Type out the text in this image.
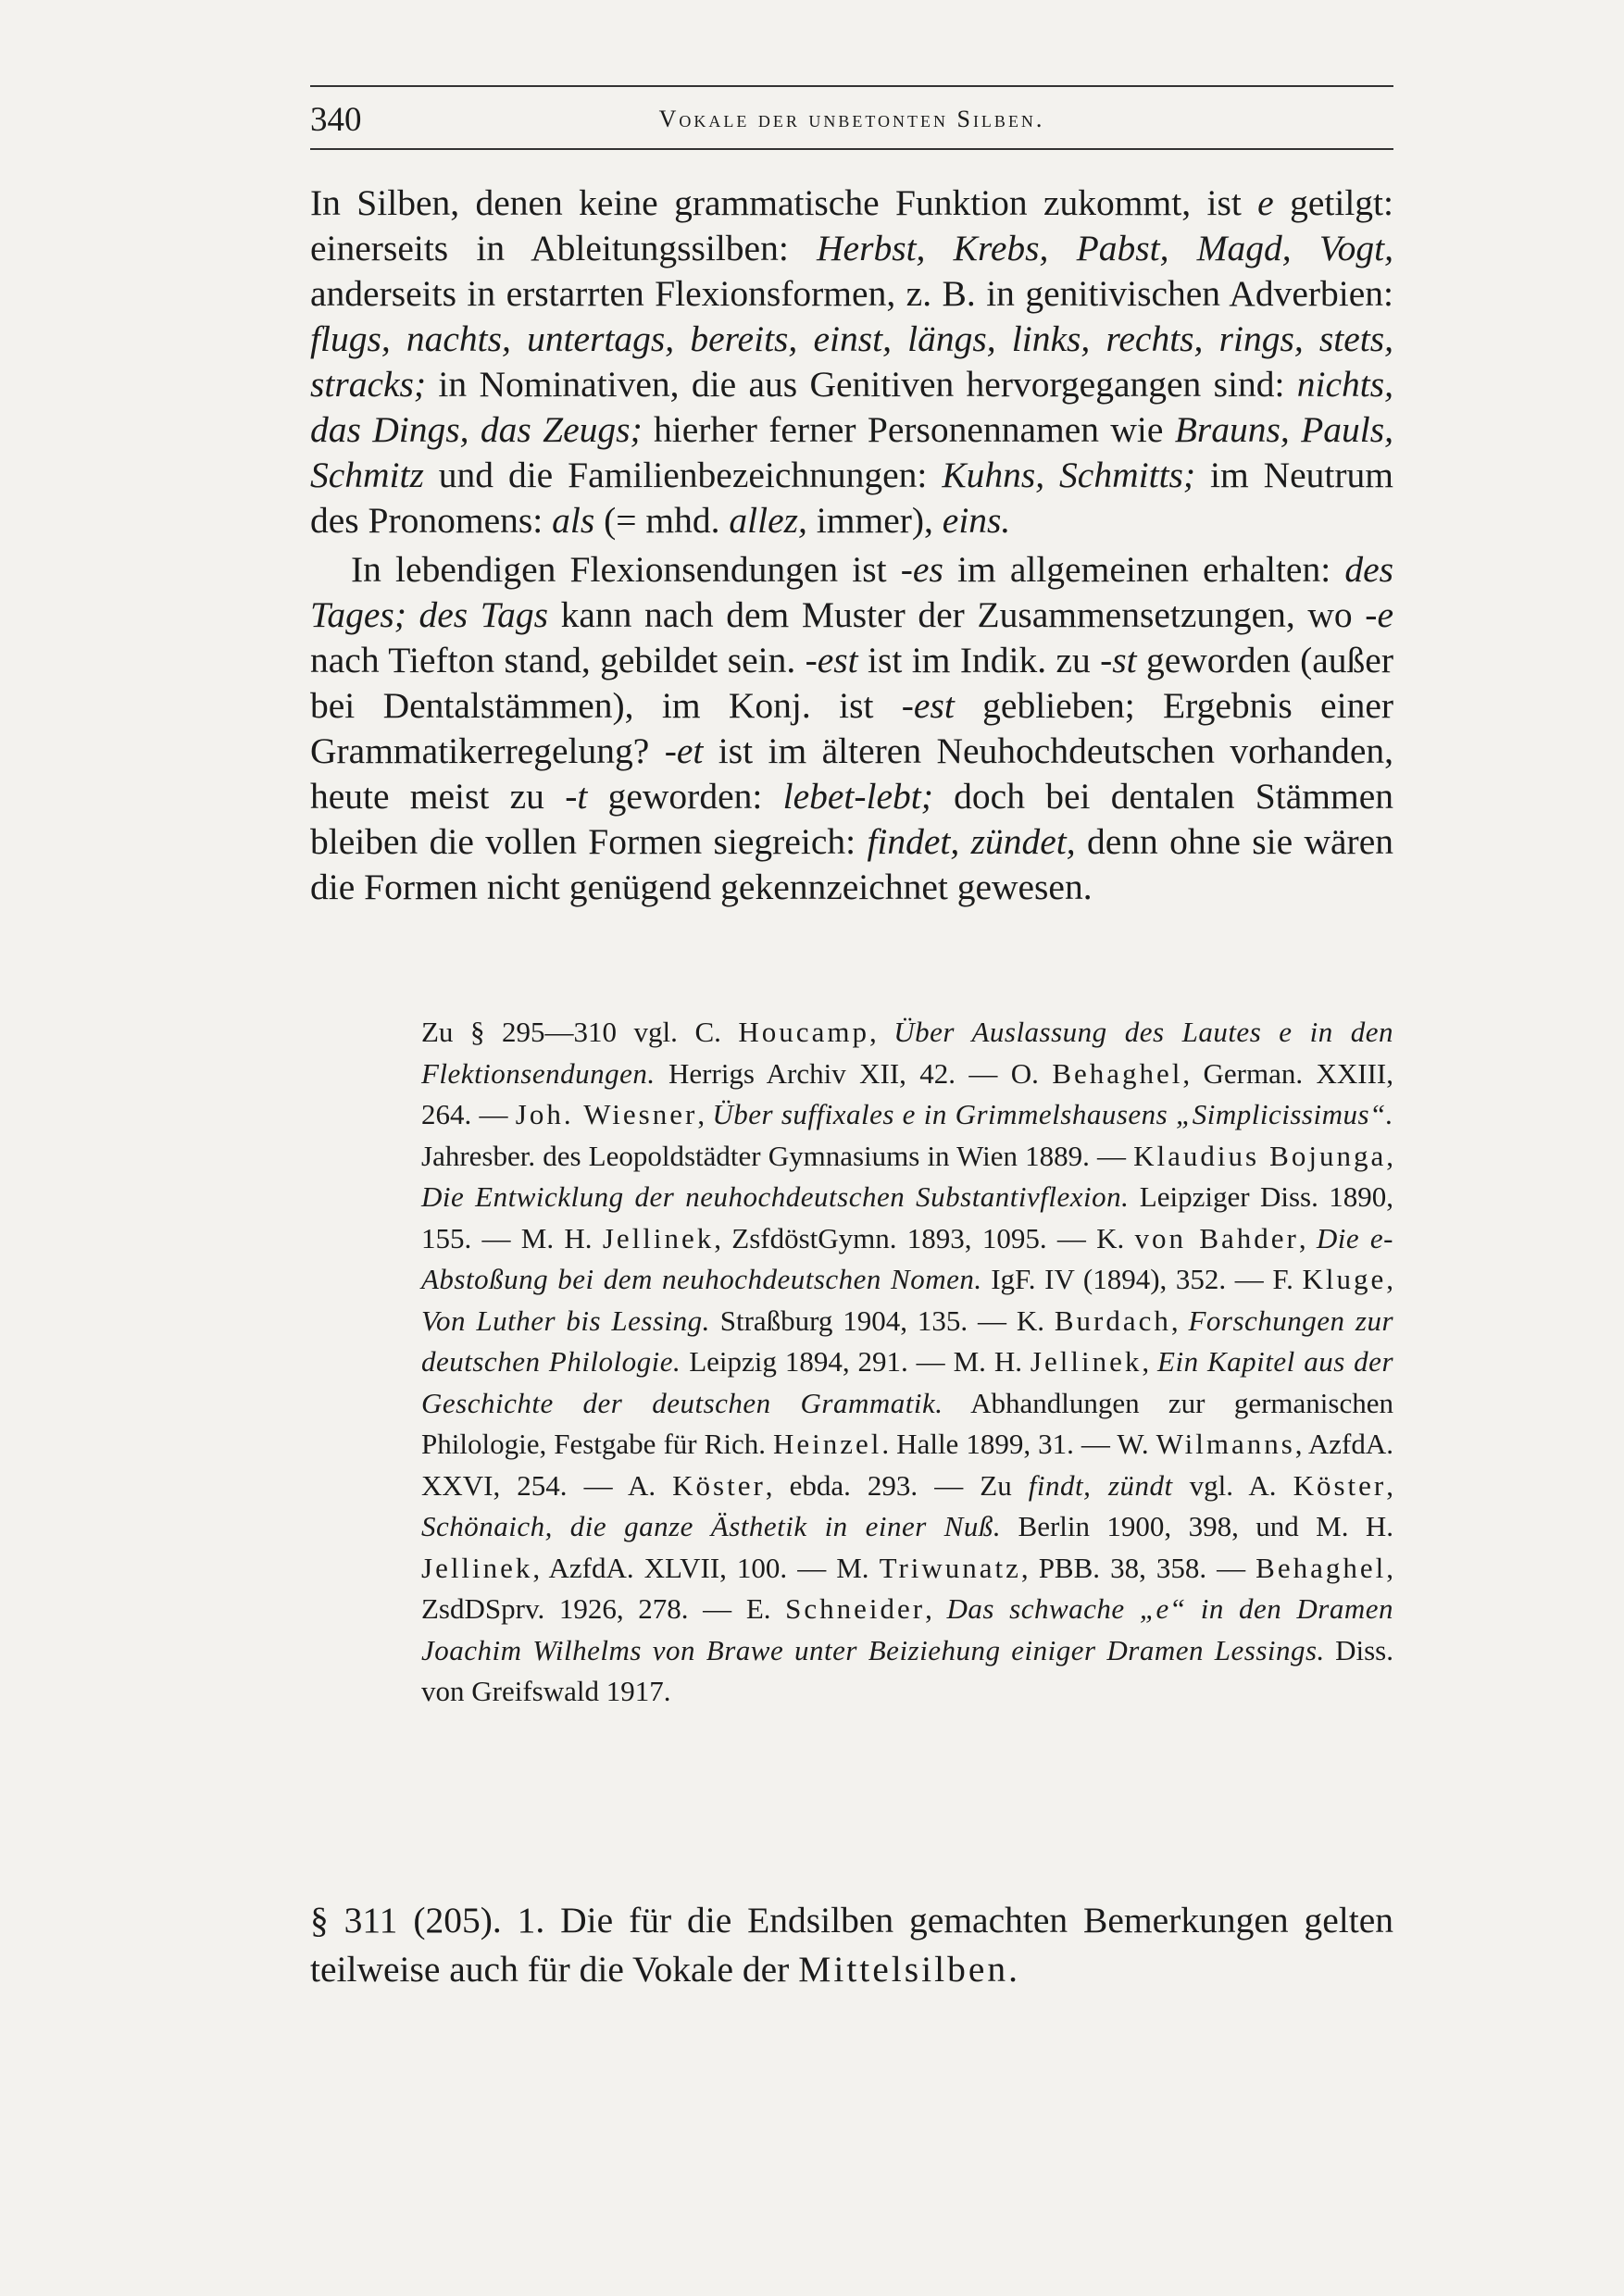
340	Vokale der unbetonten Silben.

In Silben, denen keine grammatische Funktion zukommt, ist e getilgt: einerseits in Ableitungssilben: Herbst, Krebs, Pabst, Magd, Vogt, anderseits in erstarrten Flexionsformen, z. B. in genitivischen Adverbien: flugs, nachts, untertags, bereits, einst, längs, links, rechts, rings, stets, stracks; in Nominativen, die aus Genitiven hervorgegangen sind: nichts, das Dings, das Zeugs; hierher ferner Personennamen wie Brauns, Pauls, Schmitz und die Familienbezeichnungen: Kuhns, Schmitts; im Neutrum des Pronomens: als (= mhd. allez, immer), eins.

In lebendigen Flexionsendungen ist -es im allgemeinen erhalten: des Tages; des Tags kann nach dem Muster der Zusammensetzungen, wo -e nach Tiefton stand, gebildet sein. -est ist im Indik. zu -st geworden (außer bei Dentalstämmen), im Konj. ist -est geblieben; Ergebnis einer Grammatikerregelung? -et ist im älteren Neuhochdeutschen vorhanden, heute meist zu -t geworden: lebet-lebt; doch bei dentalen Stämmen bleiben die vollen Formen siegreich: findet, zündet, denn ohne sie wären die Formen nicht genügend gekennzeichnet gewesen.

Zu § 295—310 vgl. C. Houcamp, Über Auslassung des Lautes e in den Flektionsendungen. Herrigs Archiv XII, 42. — O. Behaghel, German. XXIII, 264. — Joh. Wiesner, Über suffixales e in Grimmelshausens „Simplicissimus“. Jahresber. des Leopoldstädter Gymnasiums in Wien 1889. — Klaudius Bojunga, Die Entwicklung der neuhochdeutschen Substantivflexion. Leipziger Diss. 1890, 155. — M. H. Jellinek, ZsfdöstGymn. 1893, 1095. — K. von Bahder, Die e-Abstoßung bei dem neuhochdeutschen Nomen. IgF. IV (1894), 352. — F. Kluge, Von Luther bis Lessing. Straßburg 1904, 135. — K. Burdach, Forschungen zur deutschen Philologie. Leipzig 1894, 291. — M. H. Jellinek, Ein Kapitel aus der Geschichte der deutschen Grammatik. Abhandlungen zur germanischen Philologie, Festgabe für Rich. Heinzel. Halle 1899, 31. — W. Wilmanns, AzfdA. XXVI, 254. — A. Köster, ebda. 293. — Zu findt, zündt vgl. A. Köster, Schönaich, die ganze Ästhetik in einer Nuß. Berlin 1900, 398, und M. H. Jellinek, AzfdA. XLVII, 100. — M. Triwunatz, PBB. 38, 358. — Behaghel, ZsdDSprv. 1926, 278. — E. Schneider, Das schwache „e“ in den Dramen Joachim Wilhelms von Brawe unter Beiziehung einiger Dramen Lessings. Diss. von Greifswald 1917.
§ 311 (205). 1. Die für die Endsilben gemachten Bemerkungen gelten teilweise auch für die Vokale der Mittelsilben.
